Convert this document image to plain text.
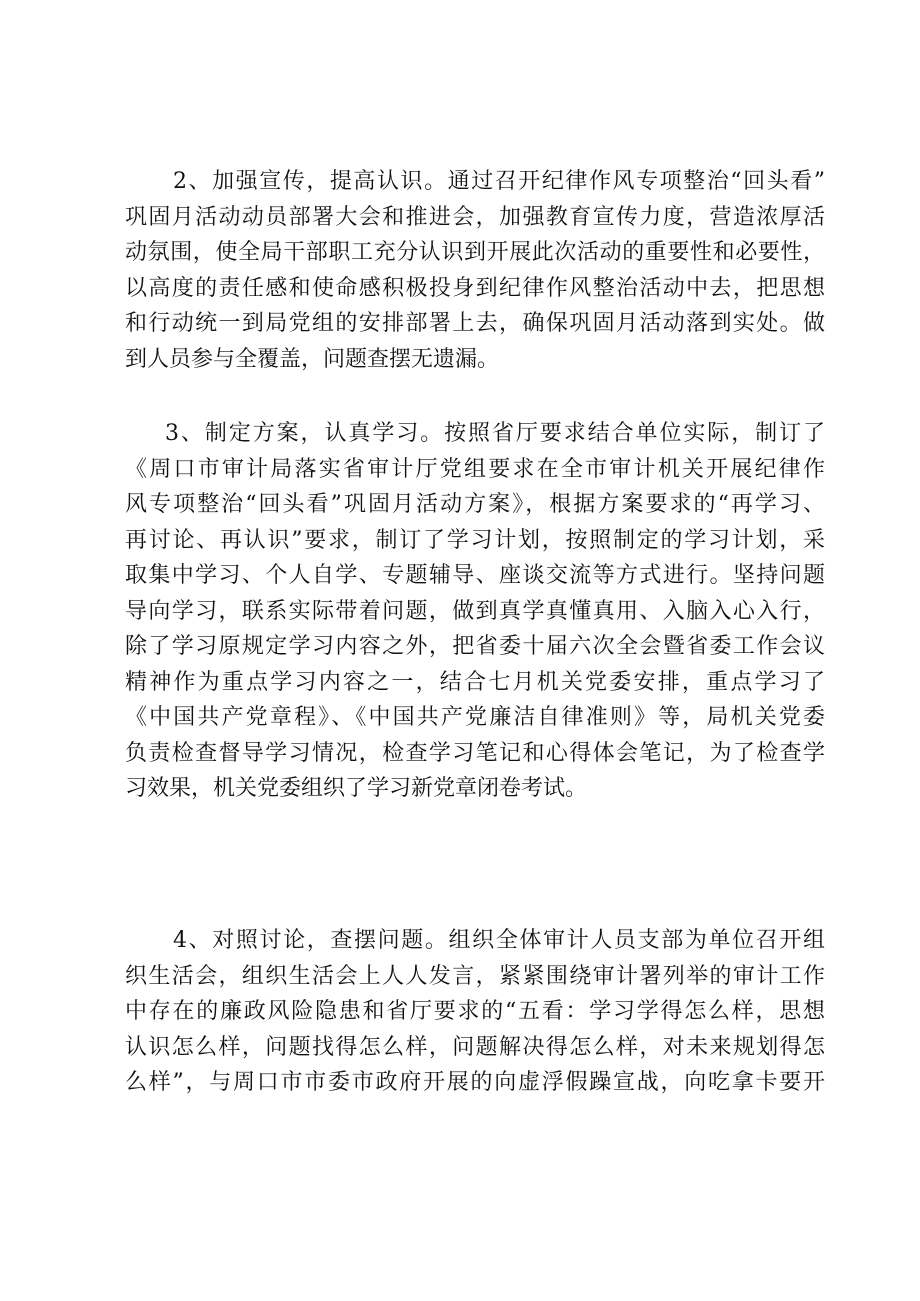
2、加强宣传，提高认识。通过召开纪律作风专项整治“回头看”
巩固月活动动员部署大会和推进会，加强教育宣传力度，营造浓厚活
动氛围，使全局干部职工充分认识到开展此次活动的重要性和必要性，
以高度的责任感和使命感积极投身到纪律作风整治活动中去，把思想
和行动统一到局党组的安排部署上去，确保巩固月活动落到实处。做
到人员参与全覆盖，问题查摆无遗漏。
3、制定方案，认真学习。按照省厅要求结合单位实际，制订了
《周口市审计局落实省审计厅党组要求在全市审计机关开展纪律作
风专项整治“回头看”巩固月活动方案》，根据方案要求的“再学习、
再讨论、再认识”要求，制订了学习计划，按照制定的学习计划，采
取集中学习、个人自学、专题辅导、座谈交流等方式进行。坚持问题
导向学习，联系实际带着问题，做到真学真懂真用、入脑入心入行，
除了学习原规定学习内容之外，把省委十届六次全会暨省委工作会议
精神作为重点学习内容之一，结合七月机关党委安排，重点学习了
《中国共产党章程》、《中国共产党廉洁自律准则》等，局机关党委
负责检查督导学习情况，检查学习笔记和心得体会笔记，为了检查学
习效果，机关党委组织了学习新党章闭卷考试。
4、对照讨论，查摆问题。组织全体审计人员支部为单位召开组
织生活会，组织生活会上人人发言，紧紧围绕审计署列举的审计工作
中存在的廉政风险隐患和省厅要求的“五看：学习学得怎么样，思想
认识怎么样，问题找得怎么样，问题解决得怎么样，对未来规划得怎
么样”，与周口市市委市政府开展的向虚浮假躁宣战，向吃拿卡要开
